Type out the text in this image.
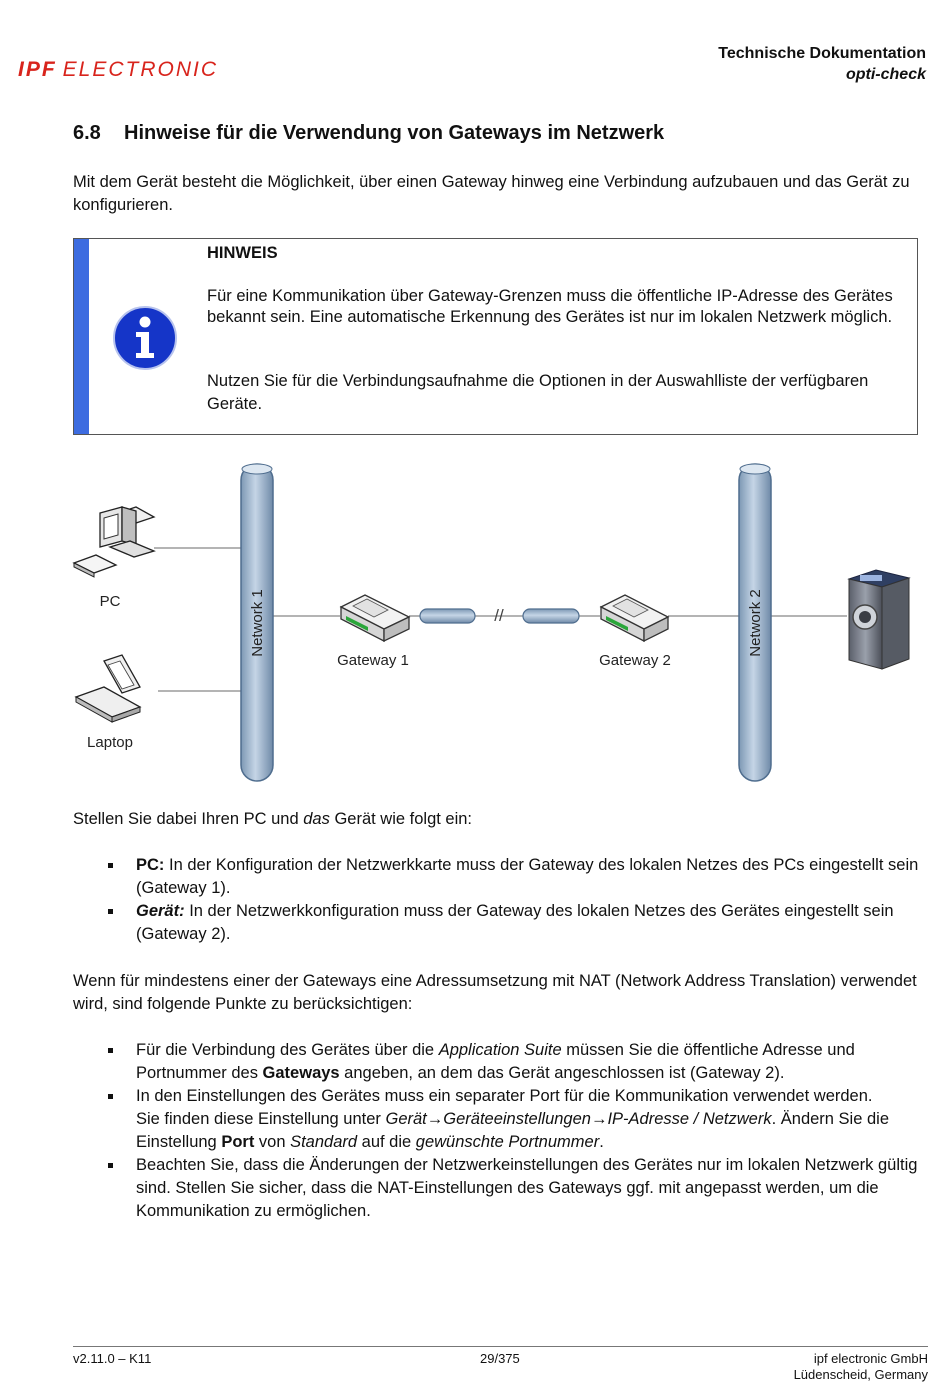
IPF ELECTRONIC
Technische Dokumentation
opti-check
6.8 Hinweise für die Verwendung von Gateways im Netzwerk

Mit dem Gerät besteht die Möglichkeit, über einen Gateway hinweg eine Verbindung aufzubauen und das Gerät zu konfigurieren.

HINWEIS
Für eine Kommunikation über Gateway-Grenzen muss die öffentliche IP-Adresse des Gerätes bekannt sein. Eine automatische Erkennung des Gerätes ist nur im lokalen Netzwerk möglich.
Nutzen Sie für die Verbindungsaufnahme die Optionen in der Auswahlliste der verfügbaren Geräte.
Network 1	Network 2
//
Gateway 1	Gateway 2
PC
Laptop

Stellen Sie dabei Ihren PC und das Gerät wie folgt ein:

PC: In der Konfiguration der Netzwerkkarte muss der Gateway des lokalen Netzes des PCs eingestellt sein (Gateway 1).
Gerät: In der Netzwerkkonfiguration muss der Gateway des lokalen Netzes des Gerätes eingestellt sein (Gateway 2).

Wenn für mindestens einer der Gateways eine Adressumsetzung mit NAT (Network Address Translation) verwendet wird, sind folgende Punkte zu berücksichtigen:

Für die Verbindung des Gerätes über die Application Suite müssen Sie die öffentliche Adresse und Portnummer des Gateways angeben, an dem das Gerät angeschlossen ist (Gateway 2).
In den Einstellungen des Gerätes muss ein separater Port für die Kommunikation verwendet werden.
Sie finden diese Einstellung unter Gerät→Geräteeinstellungen→IP-Adresse / Netzwerk. Ändern Sie die Einstellung Port von Standard auf die gewünschte Portnummer.
Beachten Sie, dass die Änderungen der Netzwerkeinstellungen des Gerätes nur im lokalen Netzwerk gültig sind. Stellen Sie sicher, dass die NAT-Einstellungen des Gateways ggf. mit angepasst werden, um die Kommunikation zu ermöglichen.
v2.11.0 – K11	29/375	ipf electronic GmbH
Lüdenscheid, Germany
